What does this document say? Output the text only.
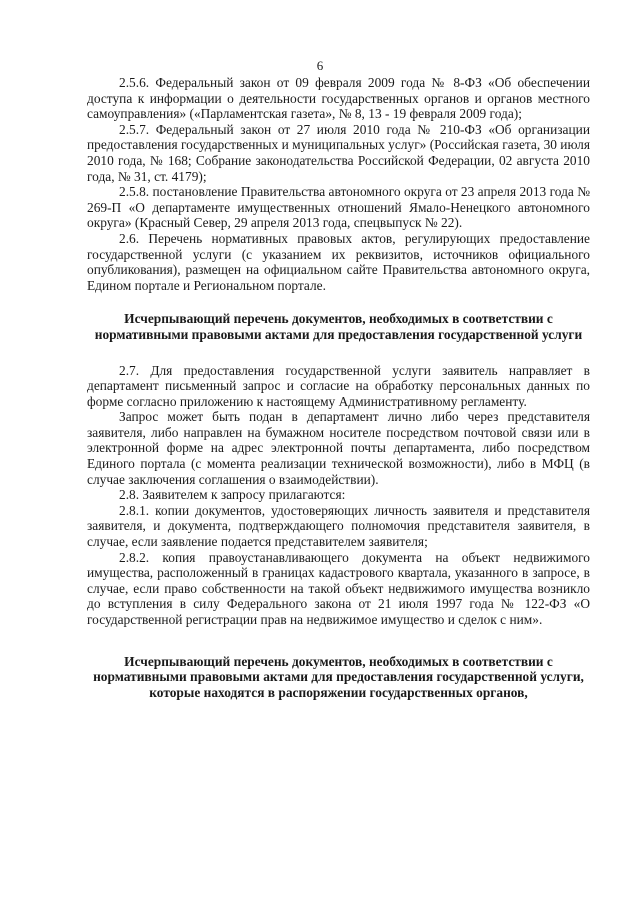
6

2.5.6. Федеральный закон от 09 февраля 2009 года № 8-ФЗ «Об обеспечении доступа к информации о деятельности государственных органов и органов местного самоуправления» («Парламентская газета», № 8, 13 - 19 февраля 2009 года);

2.5.7. Федеральный закон от 27 июля 2010 года № 210-ФЗ «Об организации предоставления государственных и муниципальных услуг» (Российская газета, 30 июля 2010 года, № 168; Собрание законодательства Российской Федерации, 02 августа 2010 года, № 31, ст. 4179);

2.5.8. постановление Правительства автономного округа от 23 апреля 2013 года № 269-П «О департаменте имущественных отношений Ямало-Ненецкого автономного округа» (Красный Север, 29 апреля 2013 года, спецвыпуск № 22).

2.6. Перечень нормативных правовых актов, регулирующих предоставление государственной услуги (с указанием их реквизитов, источников официального опубликования), размещен на официальном сайте Правительства автономного округа, Едином портале и Региональном портале.

Исчерпывающий перечень документов, необходимых в соответствии с нормативными правовыми актами для предоставления государственной услуги

2.7. Для предоставления государственной услуги заявитель направляет в департамент письменный запрос и согласие на обработку персональных данных по форме согласно приложению к настоящему Административному регламенту.

Запрос может быть подан в департамент лично либо через представителя заявителя, либо направлен на бумажном носителе посредством почтовой связи или в электронной форме на адрес электронной почты департамента, либо посредством Единого портала (с момента реализации технической возможности), либо в МФЦ (в случае заключения соглашения о взаимодействии).

2.8. Заявителем к запросу прилагаются:

2.8.1. копии документов, удостоверяющих личность заявителя и представителя заявителя, и документа, подтверждающего полномочия представителя заявителя, в случае, если заявление подается представителем заявителя;

2.8.2. копия правоустанавливающего документа на объект недвижимого имущества, расположенный в границах кадастрового квартала, указанного в запросе, в случае, если право собственности на такой объект недвижимого имущества возникло до вступления в силу Федерального закона от 21 июля 1997 года № 122-ФЗ «О государственной регистрации прав на недвижимое имущество и сделок с ним».

Исчерпывающий перечень документов, необходимых в соответствии с нормативными правовыми актами для предоставления государственной услуги, которые находятся в распоряжении государственных органов,
